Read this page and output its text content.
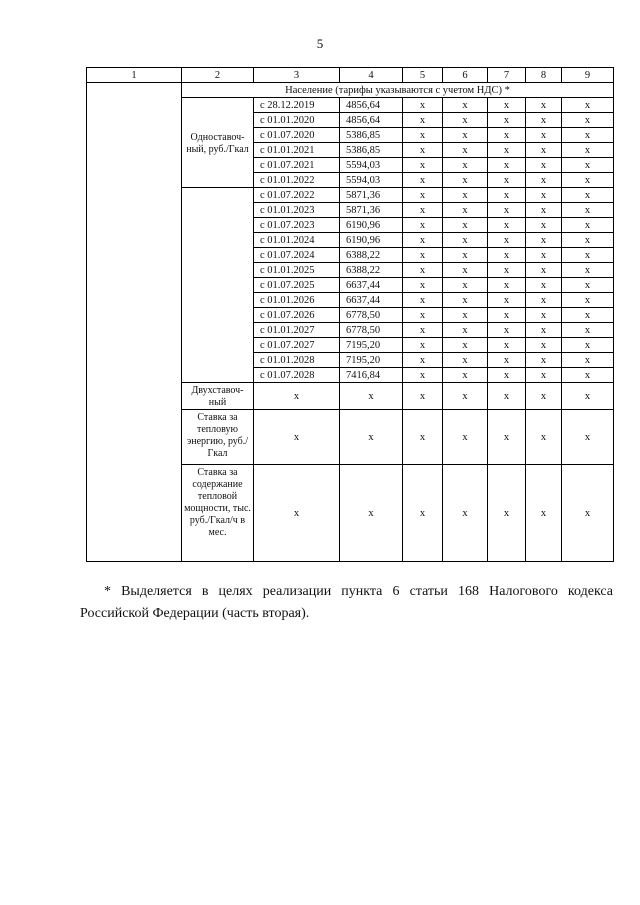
5
1	2	3	4	5	6	7	8	9
	Население (тарифы указываются с учетом НДС) *							
	Одноставоч-ный, руб./Гкал	с 28.12.2019	4856,64	х	х	х	х	х
		с 01.01.2020	4856,64	х	х	х	х	х
		с 01.07.2020	5386,85	х	х	х	х	х
		с 01.01.2021	5386,85	х	х	х	х	х
		с 01.07.2021	5594,03	х	х	х	х	х
		с 01.01.2022	5594,03	х	х	х	х	х
		с 01.07.2022	5871,36	х	х	х	х	х
		с 01.01.2023	5871,36	х	х	х	х	х
		с 01.07.2023	6190,96	х	х	х	х	х
		с 01.01.2024	6190,96	х	х	х	х	х
		с 01.07.2024	6388,22	х	х	х	х	х
		с 01.01.2025	6388,22	х	х	х	х	х
		с 01.07.2025	6637,44	х	х	х	х	х
		с 01.01.2026	6637,44	х	х	х	х	х
		с 01.07.2026	6778,50	х	х	х	х	х
		с 01.01.2027	6778,50	х	х	х	х	х
		с 01.07.2027	7195,20	х	х	х	х	х
		с 01.01.2028	7195,20	х	х	х	х	х
		с 01.07.2028	7416,84	х	х	х	х	х
	Двухставоч-ный	х	х	х	х	х	х	х
	Ставка за тепловую энергию, руб./Гкал	х	х	х	х	х	х	х
	Ставка за содержание тепловой мощности, тыс. руб./Гкал/ч в мес.	х	х	х	х	х	х	х
* Выделяется в целях реализации пункта 6 статьи 168 Налогового кодекса Российской Федерации (часть вторая).
